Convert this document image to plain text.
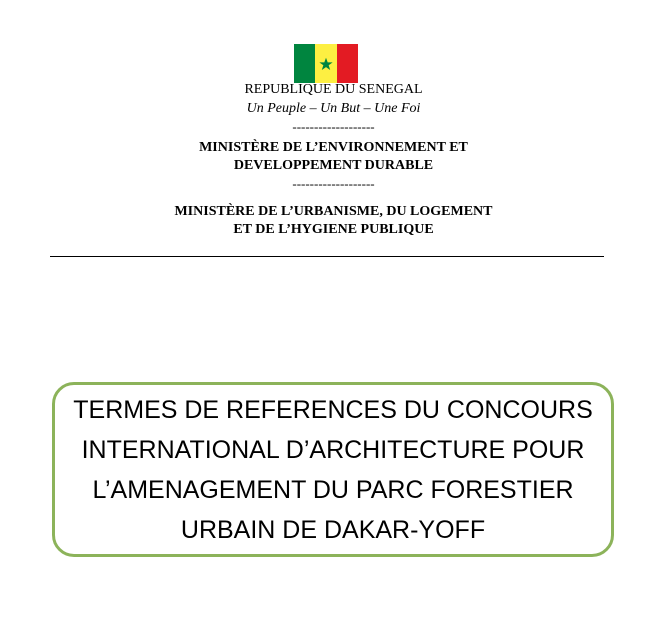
REPUBLIQUE DU SENEGAL
Un Peuple – Un But – Une Foi
-------------------
MINISTÈRE DE L’ENVIRONNEMENT ET
DEVELOPPEMENT DURABLE
-------------------
MINISTÈRE DE L’URBANISME, DU LOGEMENT
ET DE L’HYGIENE PUBLIQUE
TERMES DE REFERENCES DU CONCOURS
INTERNATIONAL D’ARCHITECTURE POUR
L’AMENAGEMENT DU PARC FORESTIER
URBAIN DE DAKAR-YOFF
